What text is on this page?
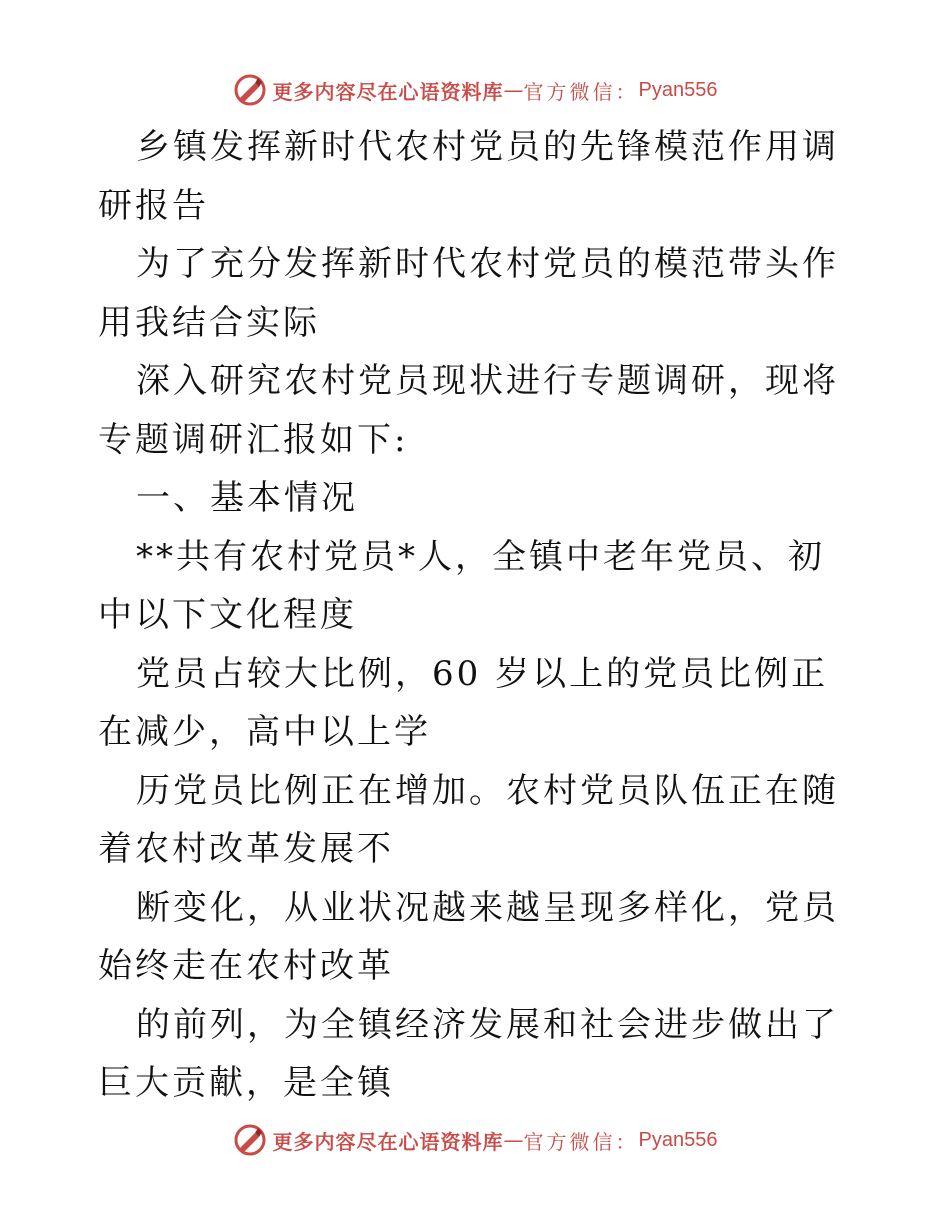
更多内容尽在心语资料库 — 官方微信： Pyan556

乡镇发挥新时代农村党员的先锋模范作用调研报告

为了充分发挥新时代农村党员的模范带头作用我结合实际

深入研究农村党员现状进行专题调研，现将专题调研汇报如下:

一、基本情况

**共有农村党员*人，全镇中老年党员、初中以下文化程度

党员占较大比例，60 岁以上的党员比例正在减少，高中以上学

历党员比例正在增加。农村党员队伍正在随着农村改革发展不

断变化，从业状况越来越呈现多样化，党员始终走在农村改革

的前列，为全镇经济发展和社会进步做出了巨大贡献，是全镇

更多内容尽在心语资料库 — 官方微信： Pyan556
